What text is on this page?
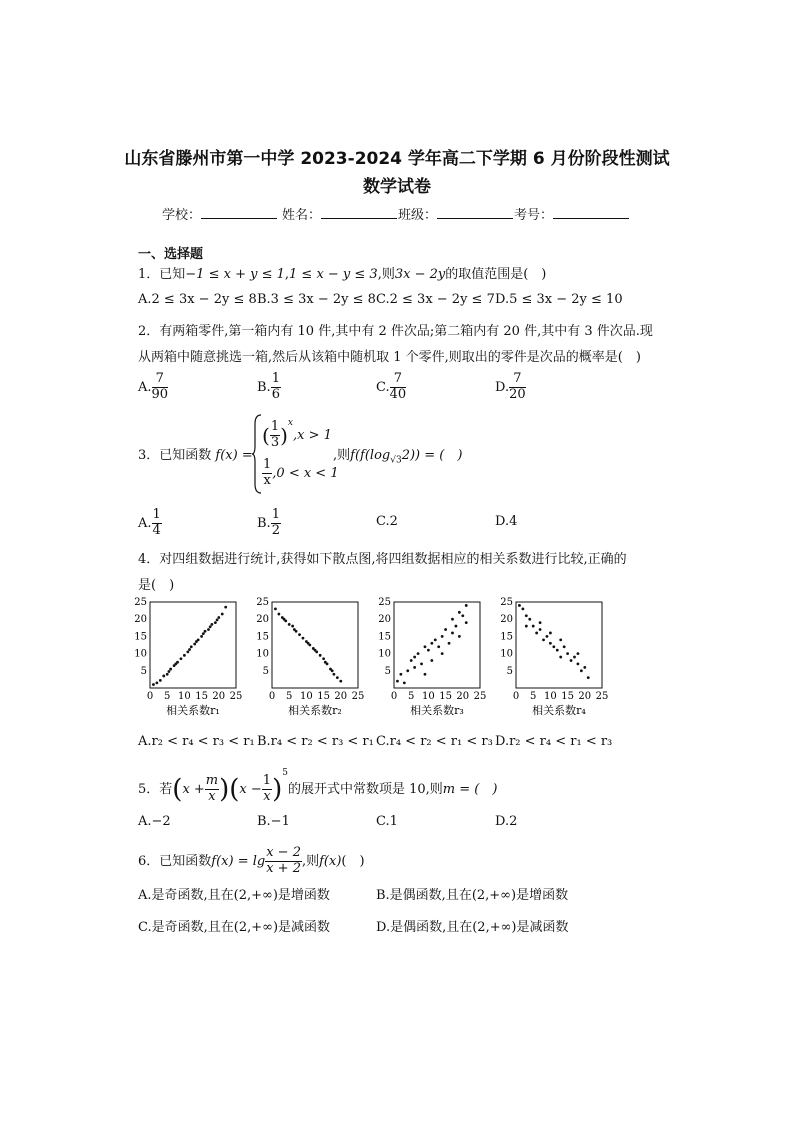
山东省滕州市第一中学 2023-2024 学年高二下学期 6 月份阶段性测试
数学试卷
学校：	姓名：	班级：	考号：
一、选择题
1．已知−1 ≤ x + y ≤ 1,1 ≤ x − y ≤ 3,则3x − 2y的取值范围是(　)
A.2 ≤ 3x − 2y ≤ 8 B.3 ≤ 3x − 2y ≤ 8 C.2 ≤ 3x − 2y ≤ 7 D.5 ≤ 3x − 2y ≤ 10
2．有两箱零件,第一箱内有 10 件,其中有 2 件次品;第二箱内有 20 件,其中有 3 件次品.现
从两箱中随意挑选一箱,然后从该箱中随机取 1 个零件,则取出的零件是次品的概率是(　)
A. $\frac{7}{90}$	B. $\frac{1}{6}$	C. $\frac{7}{40}$	D. $\frac{7}{20}$
3．已知函数 f(x) =
( $\frac{1}{3} )^x,x > 1$
$\frac{1}{x} ,0 < x < 1$
,则$f(f(\log_{√3}2))$ = (　)
A. $\frac{1}{4}$	B. $\frac{1}{2}$	C.2	D.4
4．对四组数据进行统计,获得如下散点图,将四组数据相应的相关系数进行比较,正确的
是(　)
0 5
5
10
10
15
15
20
20
25
25
相关系数r₁
0 5
5
10
10
15
15
20
20
25
25
相关系数r₂
0 5
5
10
10
15
15
20
20
25
25
相关系数r₃
0 5
5
10
10
15
15
20
20
25
25
相关系数r₄
A.r₂ < r₄ < r₃ < r₁ B.r₄ < r₂ < r₃ < r₁ C.r₄ < r₂ < r₁ < r₃ D.r₂ < r₄ < r₁ < r₃
5．若$(x + \frac{m}{x} )(x - \frac{1}{x} )^5$的展开式中常数项是 10,则m = (　)
A.−2	B.−1	C.1	D.2
6．已知函数$f(x) = \lg \frac{x - 2}{x + 2}$ ,则f(x)(　)
A.是奇函数,且在(2,+∞)是增函数	B.是偶函数,且在(2,+∞)是增函数
C.是奇函数,且在(2,+∞)是减函数	D.是偶函数,且在(2,+∞)是减函数
